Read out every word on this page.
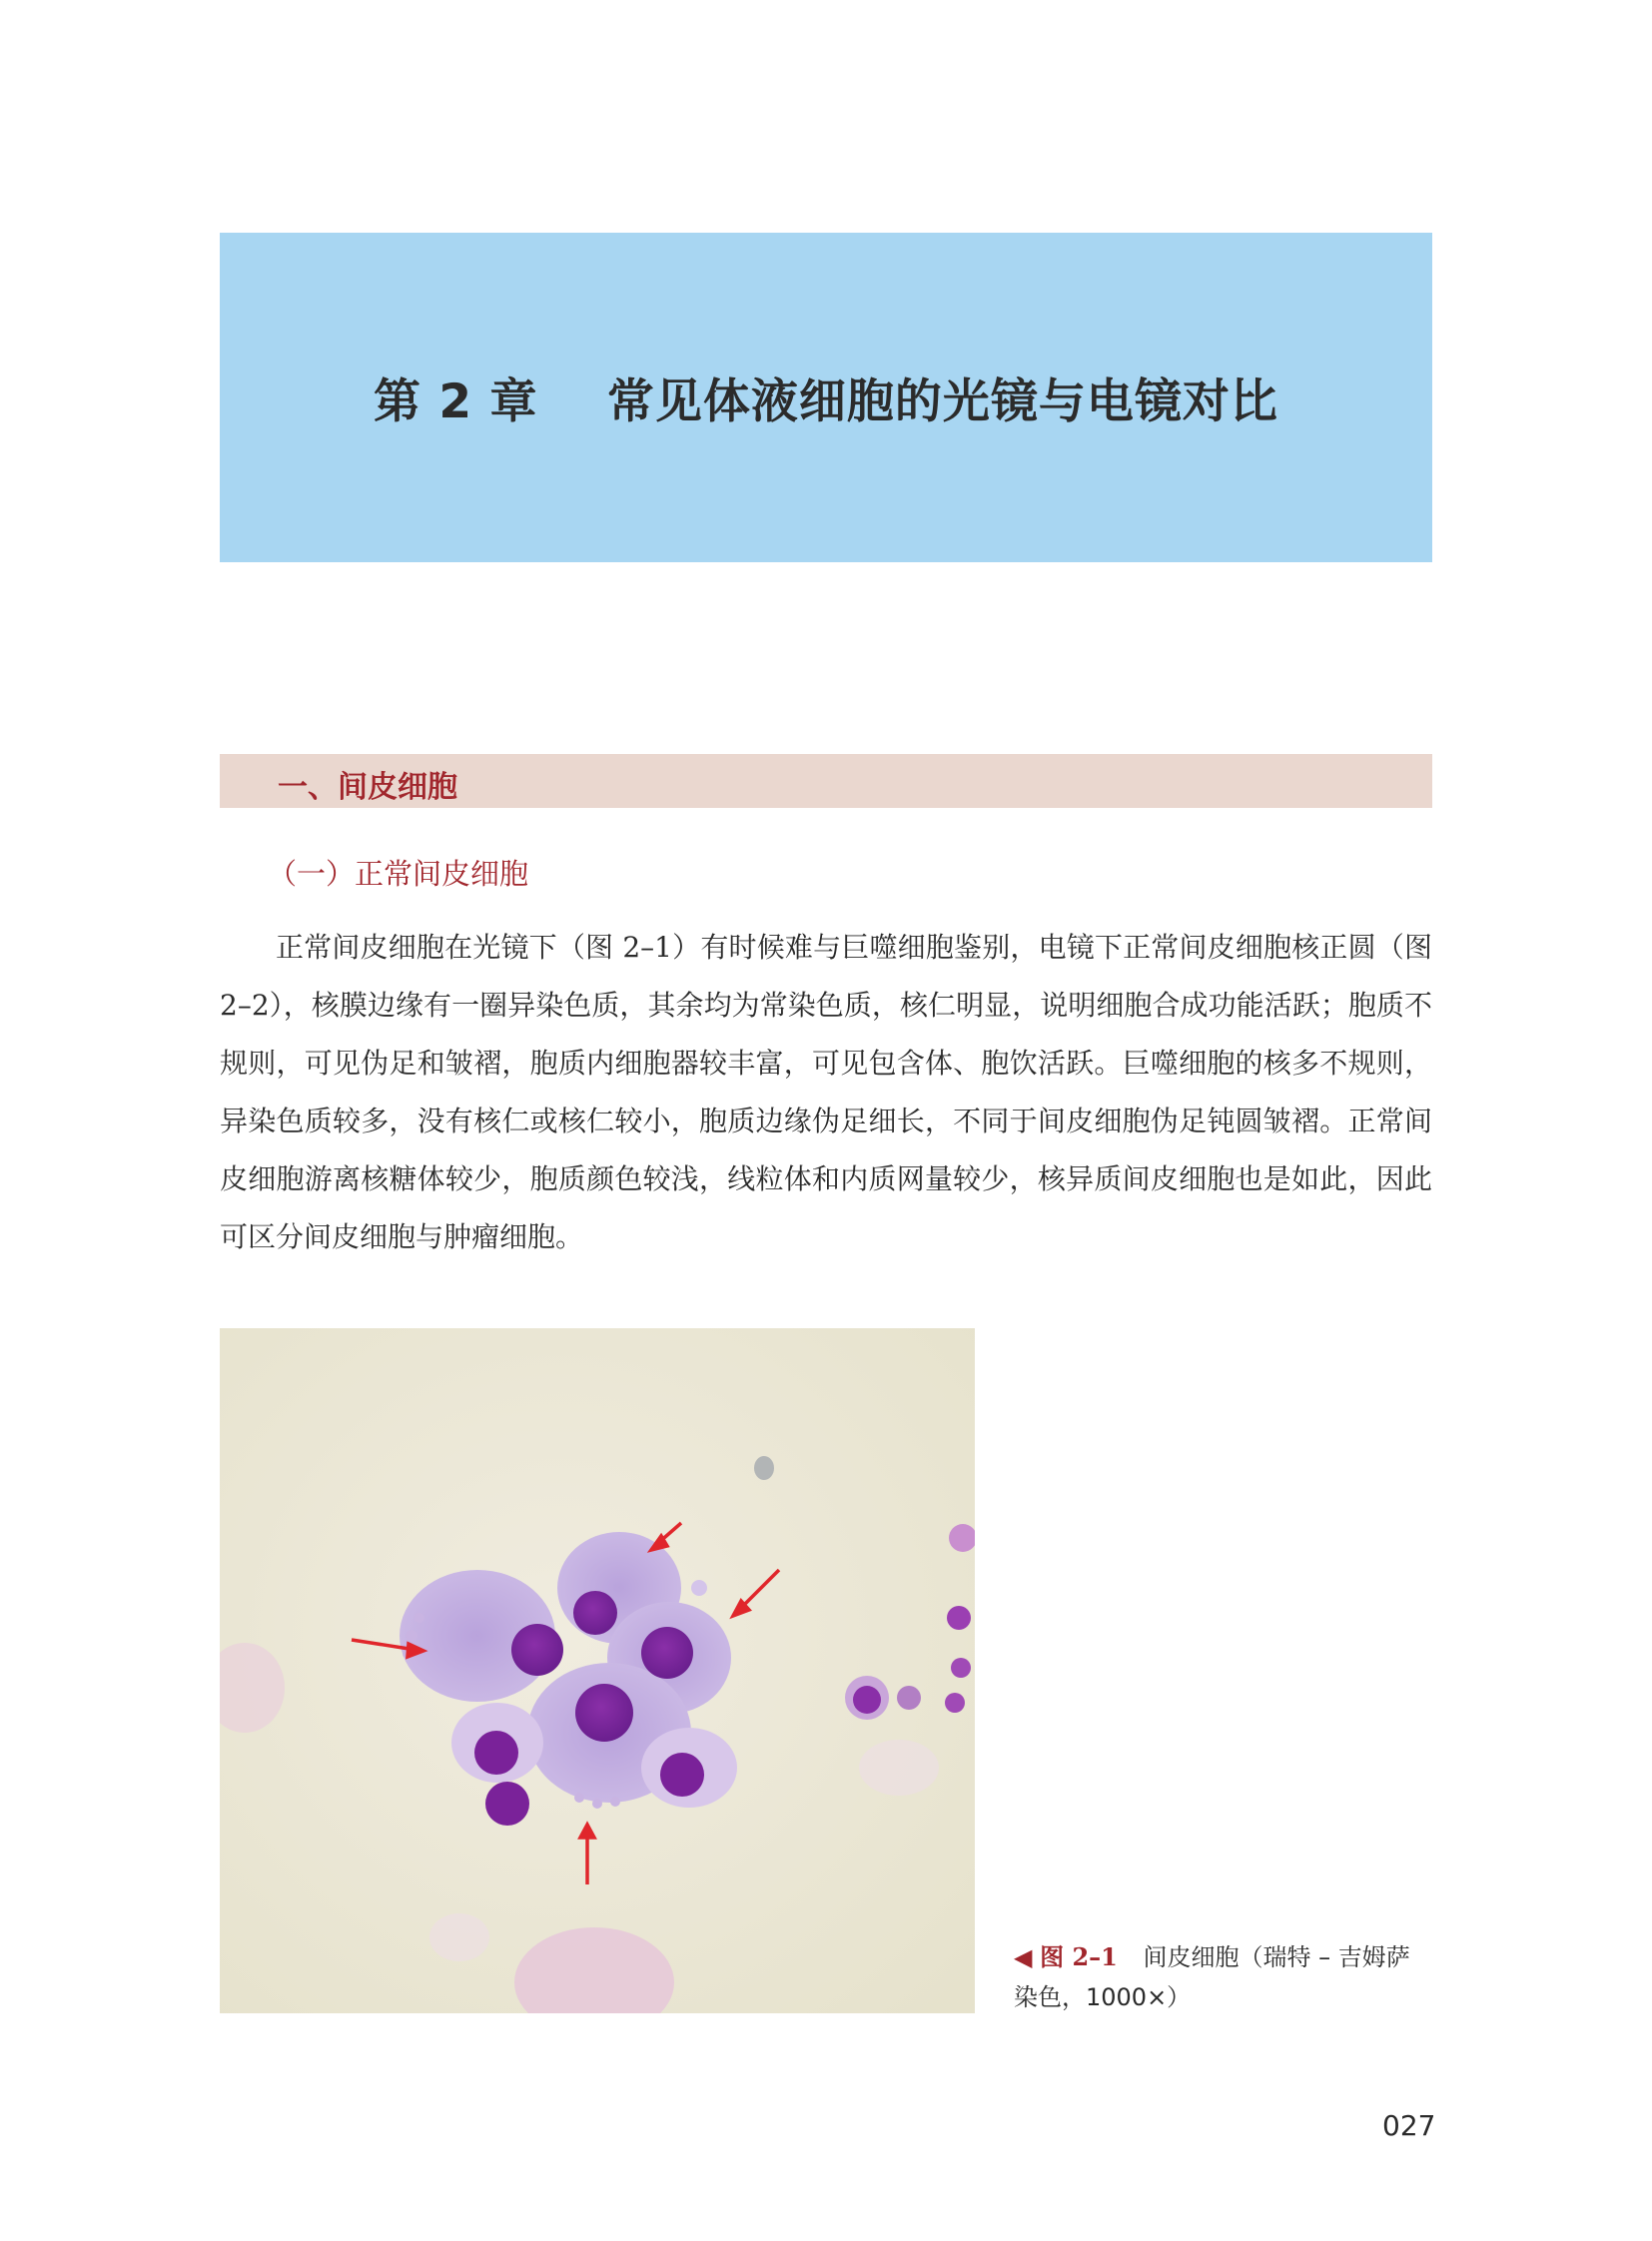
第 2 章    常见体液细胞的光镜与电镜对比
一、间皮细胞
（一）正常间皮细胞
正常间皮细胞在光镜下（图 2–1）有时候难与巨噬细胞鉴别，电镜下正常间皮细胞核正圆（图 2–2），核膜边缘有一圈异染色质，其余均为常染色质，核仁明显，说明细胞合成功能活跃；胞质不规则，可见伪足和皱褶，胞质内细胞器较丰富，可见包含体、胞饮活跃。巨噬细胞的核多不规则，异染色质较多，没有核仁或核仁较小，胞质边缘伪足细长，不同于间皮细胞伪足钝圆皱褶。正常间皮细胞游离核糖体较少，胞质颜色较浅，线粒体和内质网量较少，核异质间皮细胞也是如此，因此可区分间皮细胞与肿瘤细胞。
◀ 图 2–1 间皮细胞（瑞特 – 吉姆萨染色，1000×）
027
